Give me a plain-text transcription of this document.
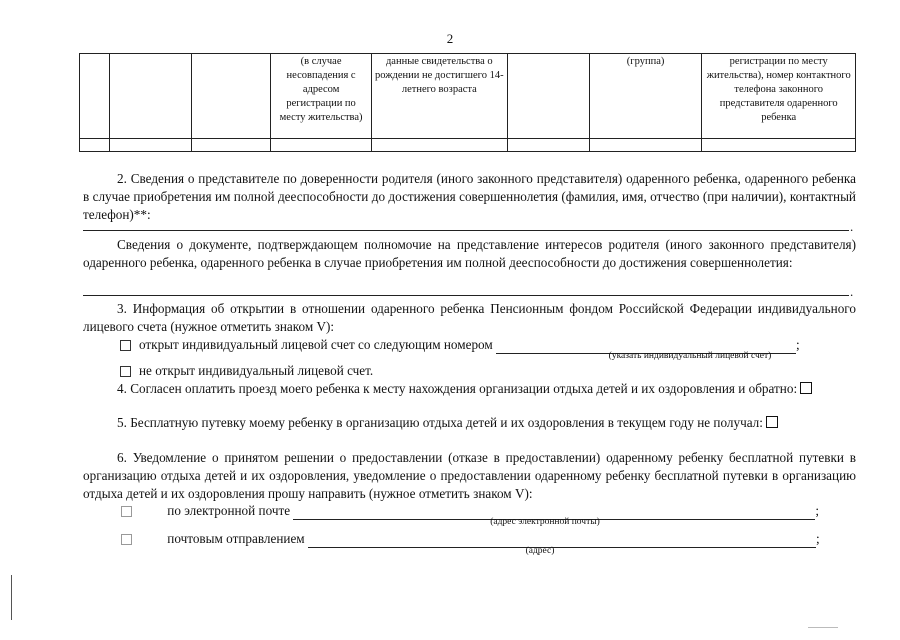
2
			(в случае несовпадения с адресом регистрации по месту жительства)	данные свидетельства о рождении не достигшего 14-летнего возраста		(группа)	регистрации по месту жительства), номер контактного телефона законного представителя одаренного ребенка

2. Сведения о представителе по доверенности родителя (иного законного представителя) одаренного ребенка, одаренного ребенка в случае приобретения им полной дееспособности до достижения совершеннолетия (фамилия, имя, отчество (при наличии), контактный телефон)**:
.
Сведения о документе, подтверждающем полномочие на представление интересов родителя (иного законного представителя) одаренного ребенка, одаренного ребенка в случае приобретения им полной дееспособности до достижения совершеннолетия:
.
3. Информация об открытии в отношении одаренного ребенка Пенсионным фондом Российской Федерации индивидуального лицевого счета (нужное отметить знаком V):
открыт индивидуальный лицевой счет со следующим номером	;
(указать индивидуальный лицевой счет)
не открыт индивидуальный лицевой счет.
4. Согласен оплатить проезд моего ребенка к месту нахождения организации отдыха детей и их оздоровления и обратно:
5. Бесплатную путевку моему ребенку в организацию отдыха детей и их оздоровления в текущем году не получал:
6. Уведомление о принятом решении о предоставлении (отказе в предоставлении) одаренному ребенку бесплатной путевки в организацию отдыха детей и их оздоровления, уведомление о предоставлении одаренному ребенку бесплатной путевки в организацию отдыха детей и их оздоровления прошу направить (нужное отметить знаком V):
по электронной почте	;
(адрес электронной почты)
почтовым отправлением	;
(адрес)
